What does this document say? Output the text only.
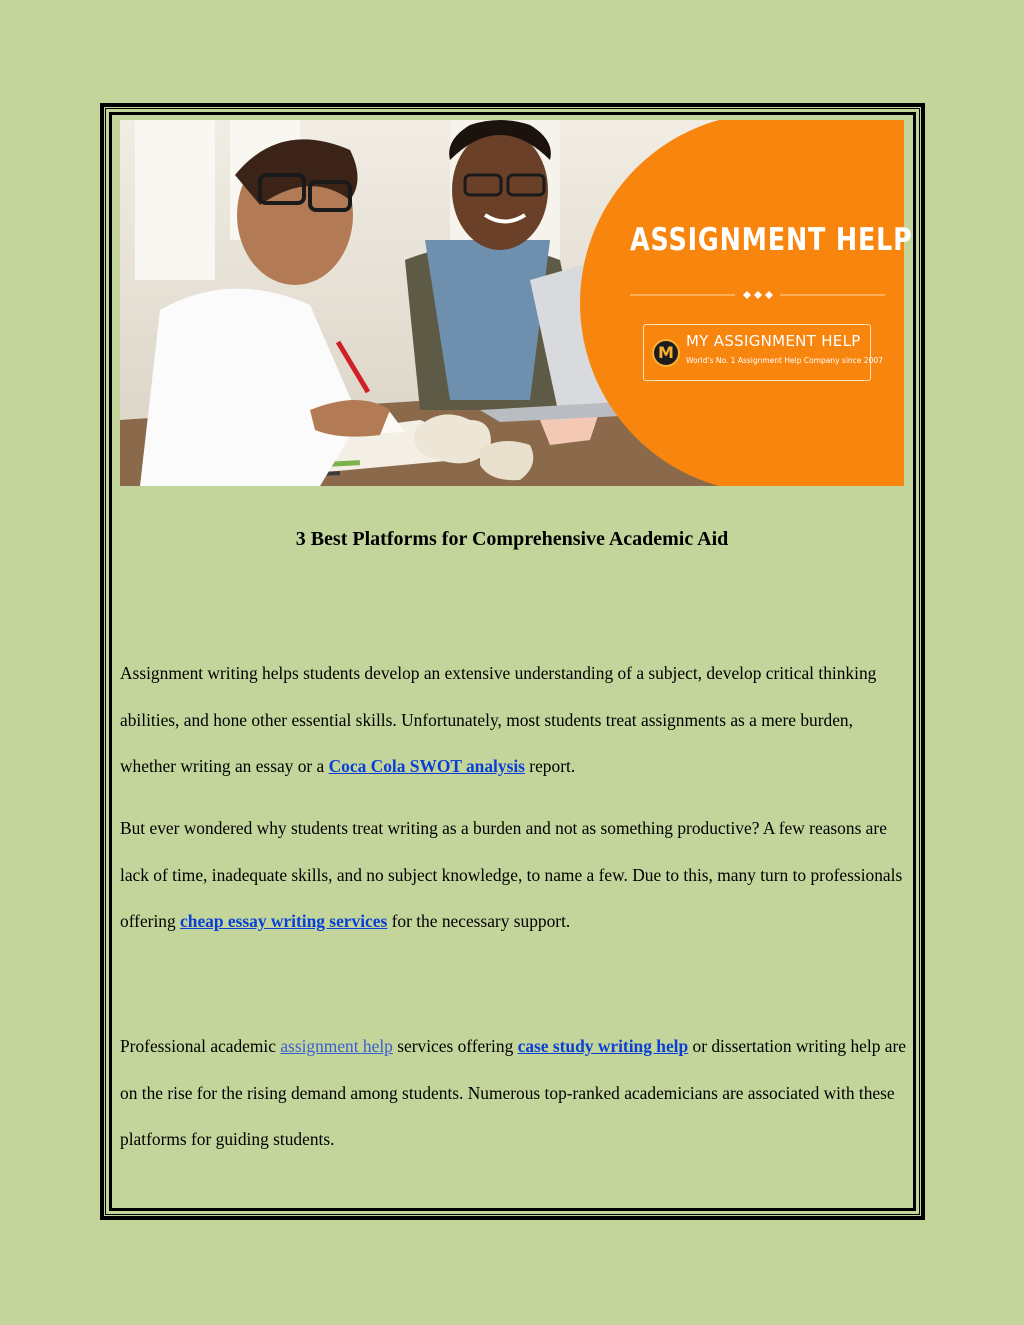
ASSIGNMENT HELP
M
MY ASSIGNMENT HELP
World's No. 1 Assignment Help Company since 2007
3 Best Platforms for Comprehensive Academic Aid

Assignment writing helps students develop an extensive understanding of a subject, develop critical thinking abilities, and hone other essential skills. Unfortunately, most students treat assignments as a mere burden, whether writing an essay or a Coca Cola SWOT analysis report.

But ever wondered why students treat writing as a burden and not as something productive? A few reasons are lack of time, inadequate skills, and no subject knowledge, to name a few. Due to this, many turn to professionals offering cheap essay writing services for the necessary support.

Professional academic assignment help services offering case study writing help or dissertation writing help are on the rise for the rising demand among students. Numerous top-ranked academicians are associated with these platforms for guiding students.
